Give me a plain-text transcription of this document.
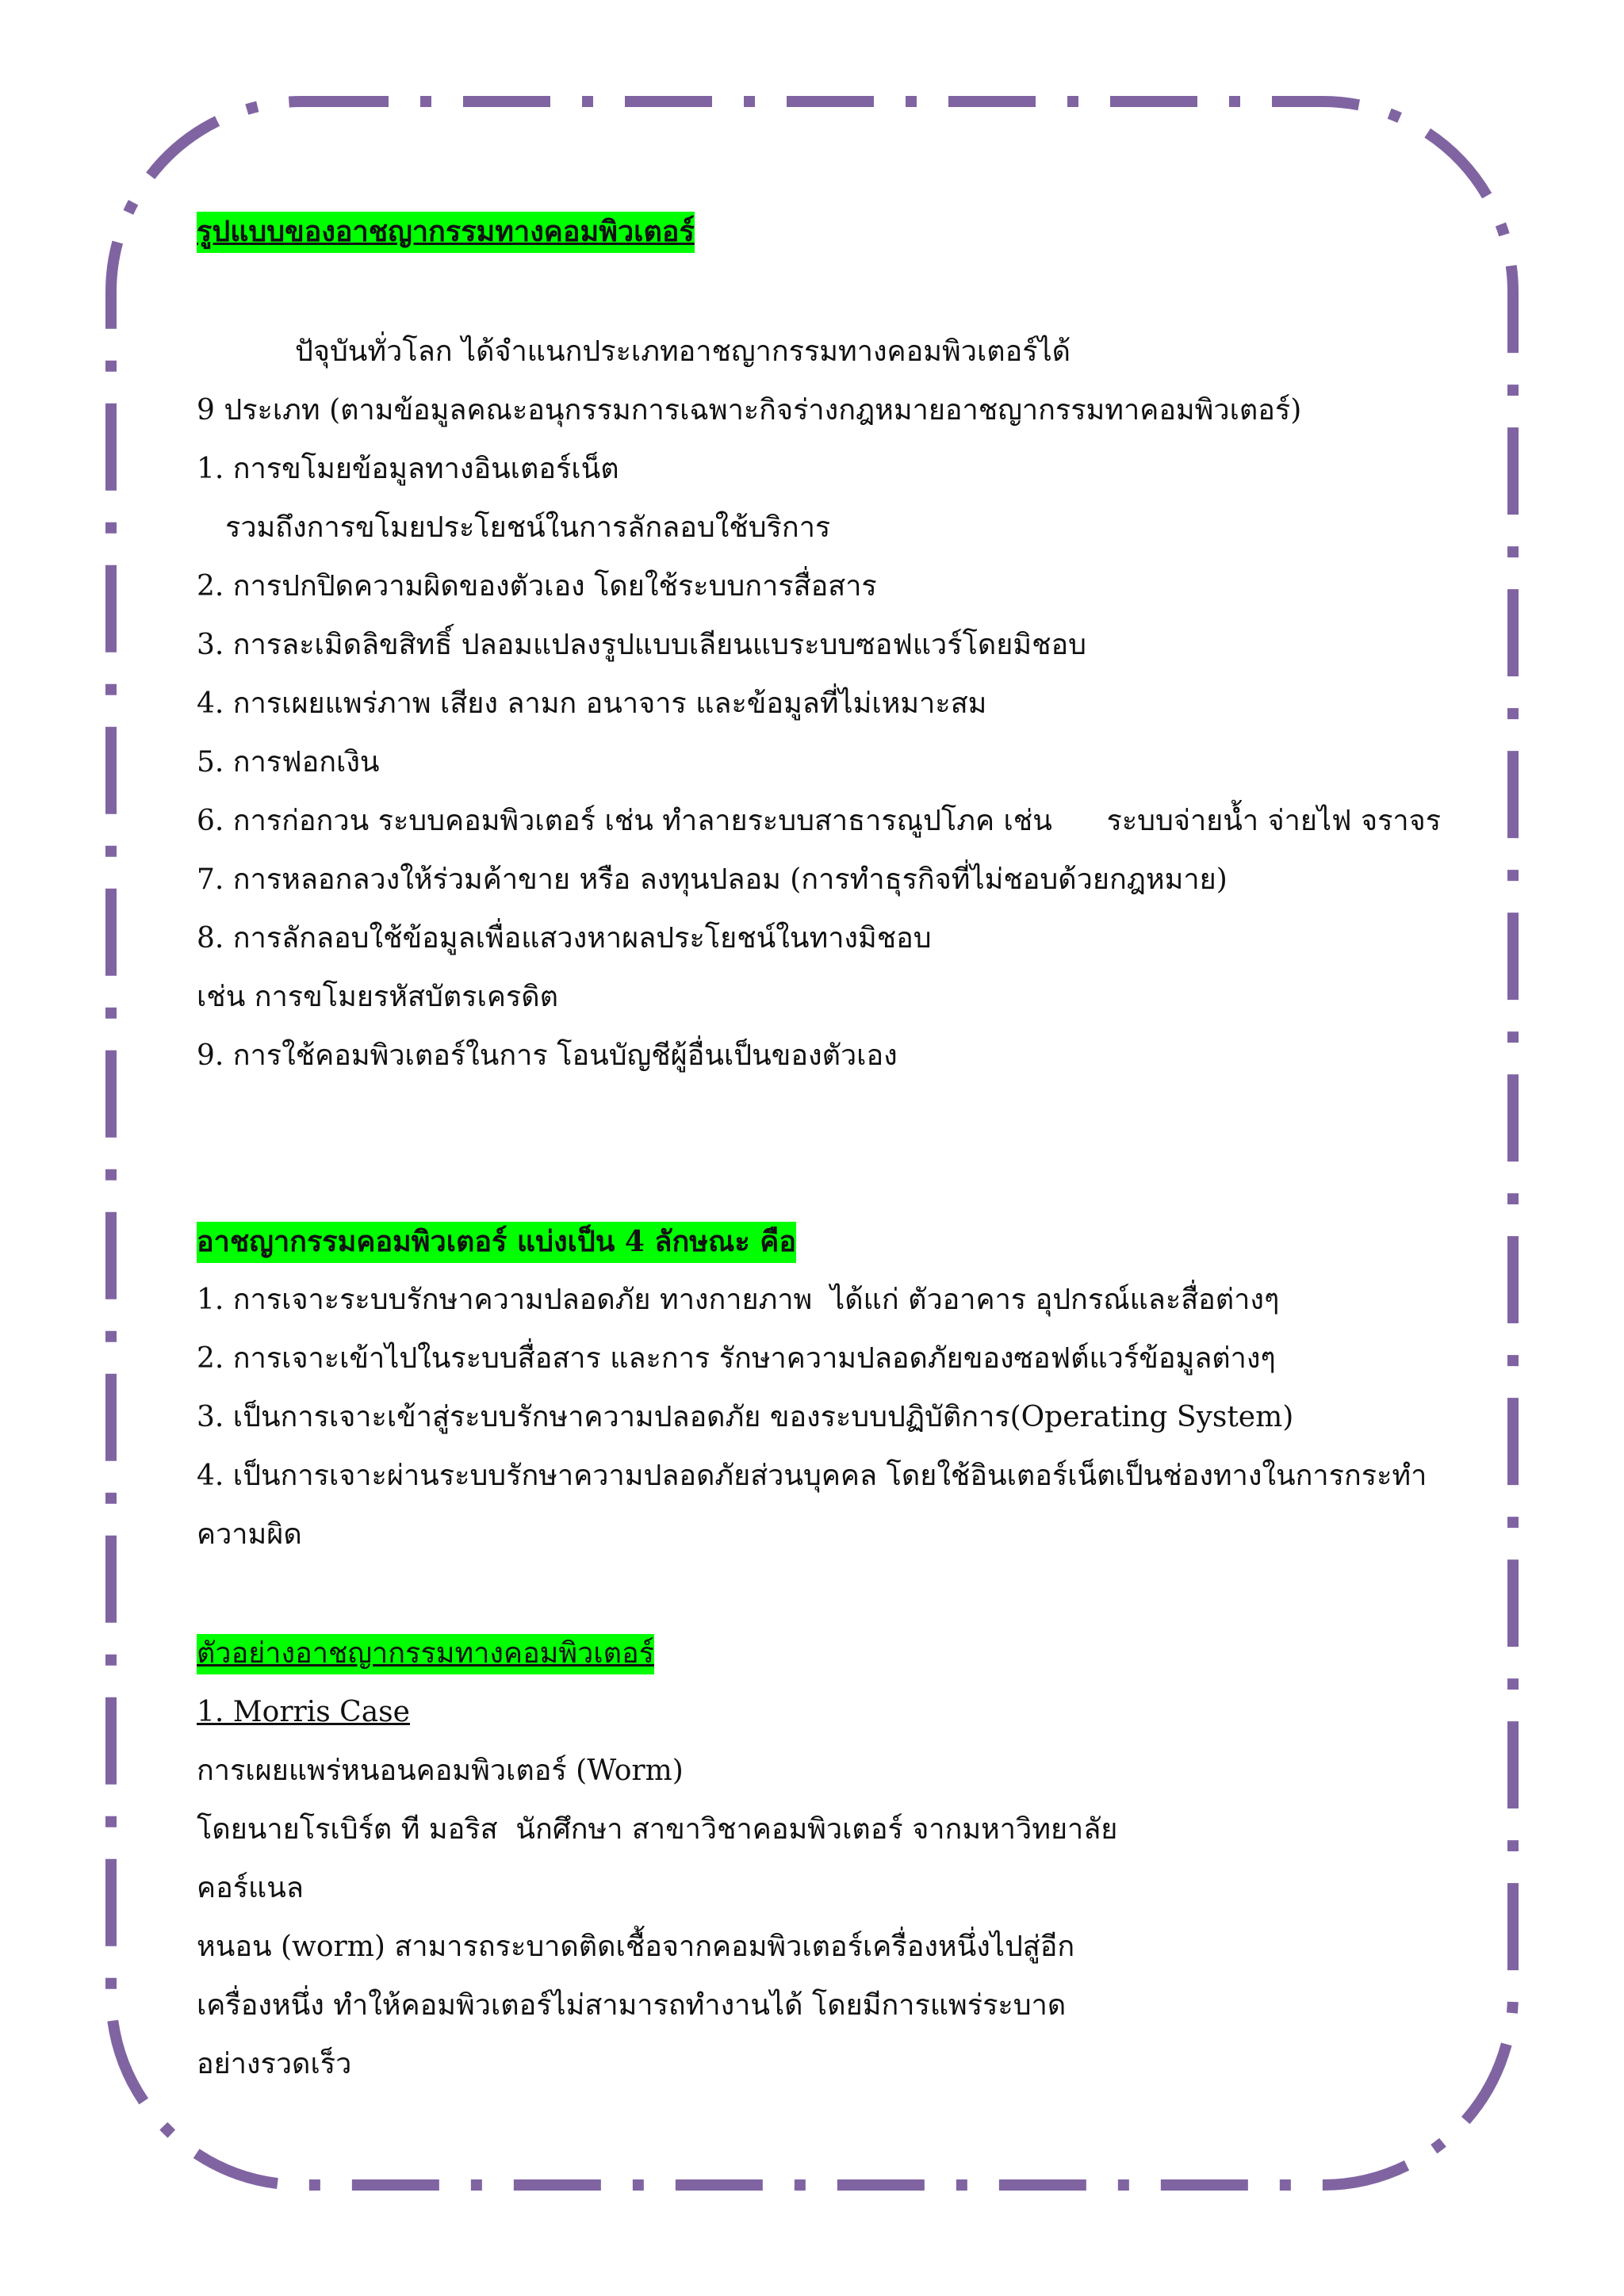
รูปแบบของอาชญากรรมทางคอมพิวเตอร์
ปัจุบันทั่วโลก ได้จำแนกประเภทอาชญากรรมทางคอมพิวเตอร์ได้
9 ประเภท (ตามข้อมูลคณะอนุกรรมการเฉพาะกิจร่างกฎหมายอาชญากรรมทาคอมพิวเตอร์)
1. การขโมยข้อมูลทางอินเตอร์เน็ต
รวมถึงการขโมยประโยชน์ในการลักลอบใช้บริการ
2. การปกปิดความผิดของตัวเอง โดยใช้ระบบการสื่อสาร
3. การละเมิดลิขสิทธิ์ ปลอมแปลงรูปแบบเลียนแบระบบซอฟแวร์โดยมิชอบ
4. การเผยแพร่ภาพ เสียง ลามก อนาจาร และข้อมูลที่ไม่เหมาะสม
5. การฟอกเงิน
6. การก่อกวน ระบบคอมพิวเตอร์ เช่น ทำลายระบบสาธารณูปโภค เช่น      ระบบจ่ายน้ำ จ่ายไฟ จราจร
7. การหลอกลวงให้ร่วมค้าขาย หรือ ลงทุนปลอม (การทำธุรกิจที่ไม่ชอบด้วยกฎหมาย)
8. การลักลอบใช้ข้อมูลเพื่อแสวงหาผลประโยชน์ในทางมิชอบ
เช่น การขโมยรหัสบัตรเครดิต
9. การใช้คอมพิวเตอร์ในการ โอนบัญชีผู้อื่นเป็นของตัวเอง
อาชญากรรมคอมพิวเตอร์ แบ่งเป็น 4 ลักษณะ คือ
1. การเจาะระบบรักษาความปลอดภัย ทางกายภาพ  ได้แก่ ตัวอาคาร อุปกรณ์และสื่อต่างๆ
2. การเจาะเข้าไปในระบบสื่อสาร และการ รักษาความปลอดภัยของซอฟต์แวร์ข้อมูลต่างๆ
3. เป็นการเจาะเข้าสู่ระบบรักษาความปลอดภัย ของระบบปฏิบัติการ(Operating System)
4. เป็นการเจาะผ่านระบบรักษาความปลอดภัยส่วนบุคคล โดยใช้อินเตอร์เน็ตเป็นช่องทางในการกระทำ
ความผิด
ตัวอย่างอาชญากรรมทางคอมพิวเตอร์
1. Morris Case
การเผยแพร่หนอนคอมพิวเตอร์ (Worm)
โดยนายโรเบิร์ต ที มอริส  นักศึกษา สาขาวิชาคอมพิวเตอร์ จากมหาวิทยาลัย
คอร์แนล
หนอน (worm) สามารถระบาดติดเชื้อจากคอมพิวเตอร์เครื่องหนึ่งไปสู่อีก
เครื่องหนึ่ง ทำให้คอมพิวเตอร์ไม่สามารถทำงานได้ โดยมีการแพร่ระบาด
อย่างรวดเร็ว
